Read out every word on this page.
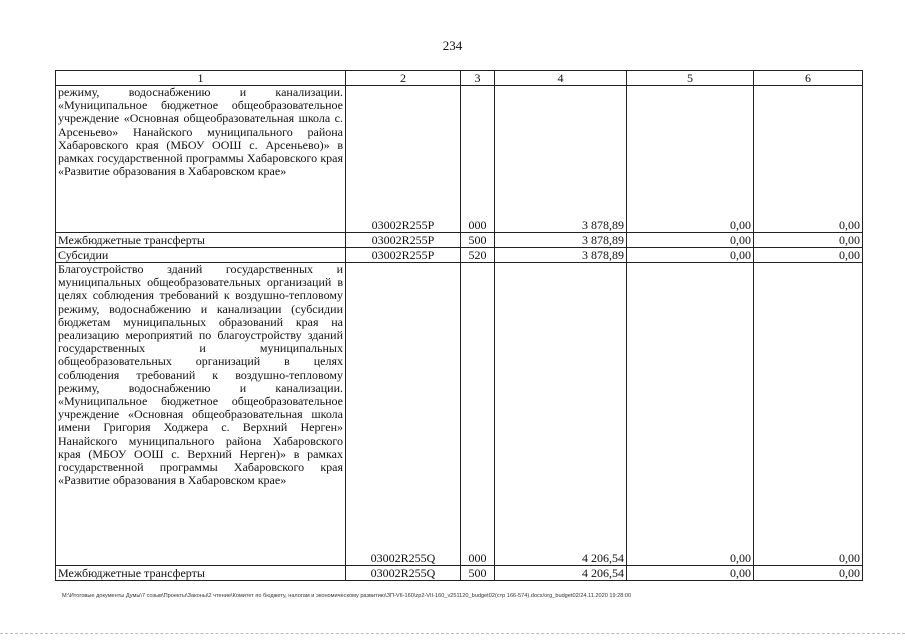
234
1	2	3	4	5	6

режиму, водоснабжению и канализации. «Муниципальное бюджетное общеобразовательное учреждение «Основная общеобразовательная школа с. Арсеньево» Нанайского муниципального района Хабаровского края (МБОУ ООШ с. Арсеньево)» в рамках государственной программы Хабаровского края «Развитие образования в Хабаровском крае»	03002R255P	000	3 878,89	0,00	0,00
Межбюджетные трансферты	03002R255P	500	3 878,89	0,00	0,00
Субсидии	03002R255P	520	3 878,89	0,00	0,00

Благоустройство зданий государственных и муниципальных общеобразовательных организаций в целях соблюдения требований к воздушно-тепловому режиму, водоснабжению и канализации (субсидии бюджетам муниципальных образований края на реализацию мероприятий по благоустройству зданий государственных и муниципальных общеобразовательных организаций в целях соблюдения требований к воздушно-тепловому режиму, водоснабжению и канализации. «Муниципальное бюджетное общеобразовательное учреждение «Основная общеобразовательная школа имени Григория Ходжера с. Верхний Нерген» Нанайского муниципального района Хабаровского края (МБОУ ООШ с. Верхний Нерген)» в рамках государственной программы Хабаровского края «Развитие образования в Хабаровском крае»	03002R255Q	000	4 206,54	0,00	0,00
Межбюджетные трансферты	03002R255Q	500	4 206,54	0,00	0,00
M:\Итоговые документы Думы\7 созыв\Проекты\Законы\2 чтение\Комитет по бюджету, налогам и экономическому развитию\ЗП-VII-160\zp2-VII-160_v251120_budget02(стр 166-574).docx/org_budget02/24.11.2020 19:28:00
